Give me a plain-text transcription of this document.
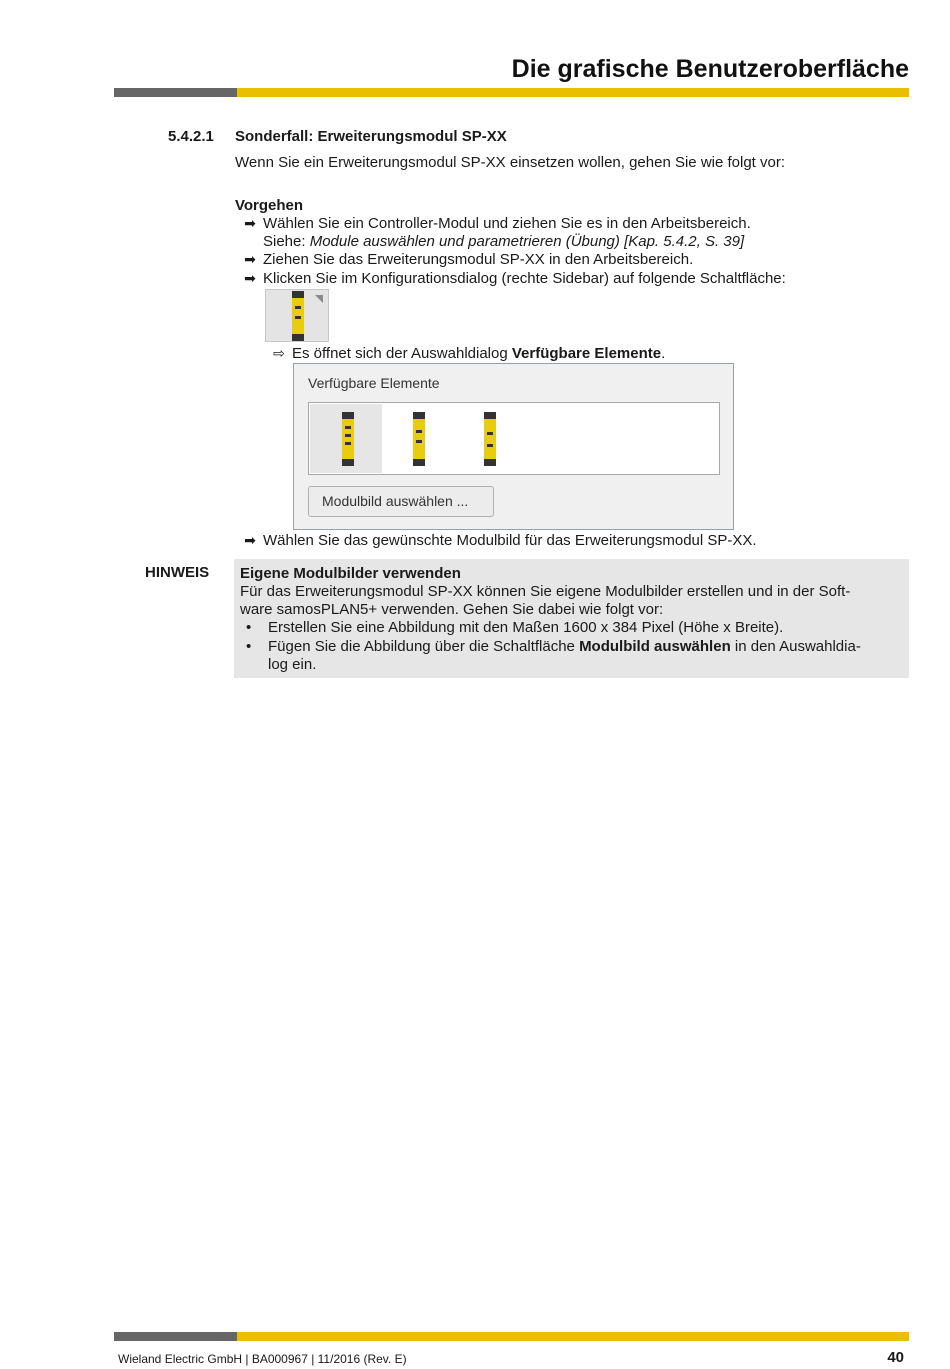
Die grafische Benutzeroberfläche
5.4.2.1 Sonderfall: Erweiterungsmodul SP-XX
Wenn Sie ein Erweiterungsmodul SP-XX einsetzen wollen, gehen Sie wie folgt vor:
Vorgehen
➡ Wählen Sie ein Controller-Modul und ziehen Sie es in den Arbeitsbereich.
Siehe: Module auswählen und parametrieren (Übung) [Kap. 5.4.2, S. 39]
➡ Ziehen Sie das Erweiterungsmodul SP-XX in den Arbeitsbereich.
➡ Klicken Sie im Konfigurationsdialog (rechte Sidebar) auf folgende Schaltfläche:
⇨ Es öffnet sich der Auswahldialog Verfügbare Elemente.
Verfügbare Elemente
Modulbild auswählen ...
➡ Wählen Sie das gewünschte Modulbild für das Erweiterungsmodul SP-XX.
HINWEIS Eigene Modulbilder verwenden
Für das Erweiterungsmodul SP-XX können Sie eigene Modulbilder erstellen und in der Soft-
ware samosPLAN5+ verwenden. Gehen Sie dabei wie folgt vor:
• Erstellen Sie eine Abbildung mit den Maßen 1600 x 384 Pixel (Höhe x Breite).
• Fügen Sie die Abbildung über die Schaltfläche Modulbild auswählen in den Auswahldia-
log ein.
Wieland Electric GmbH | BA000967 | 11/2016 (Rev. E)	40
